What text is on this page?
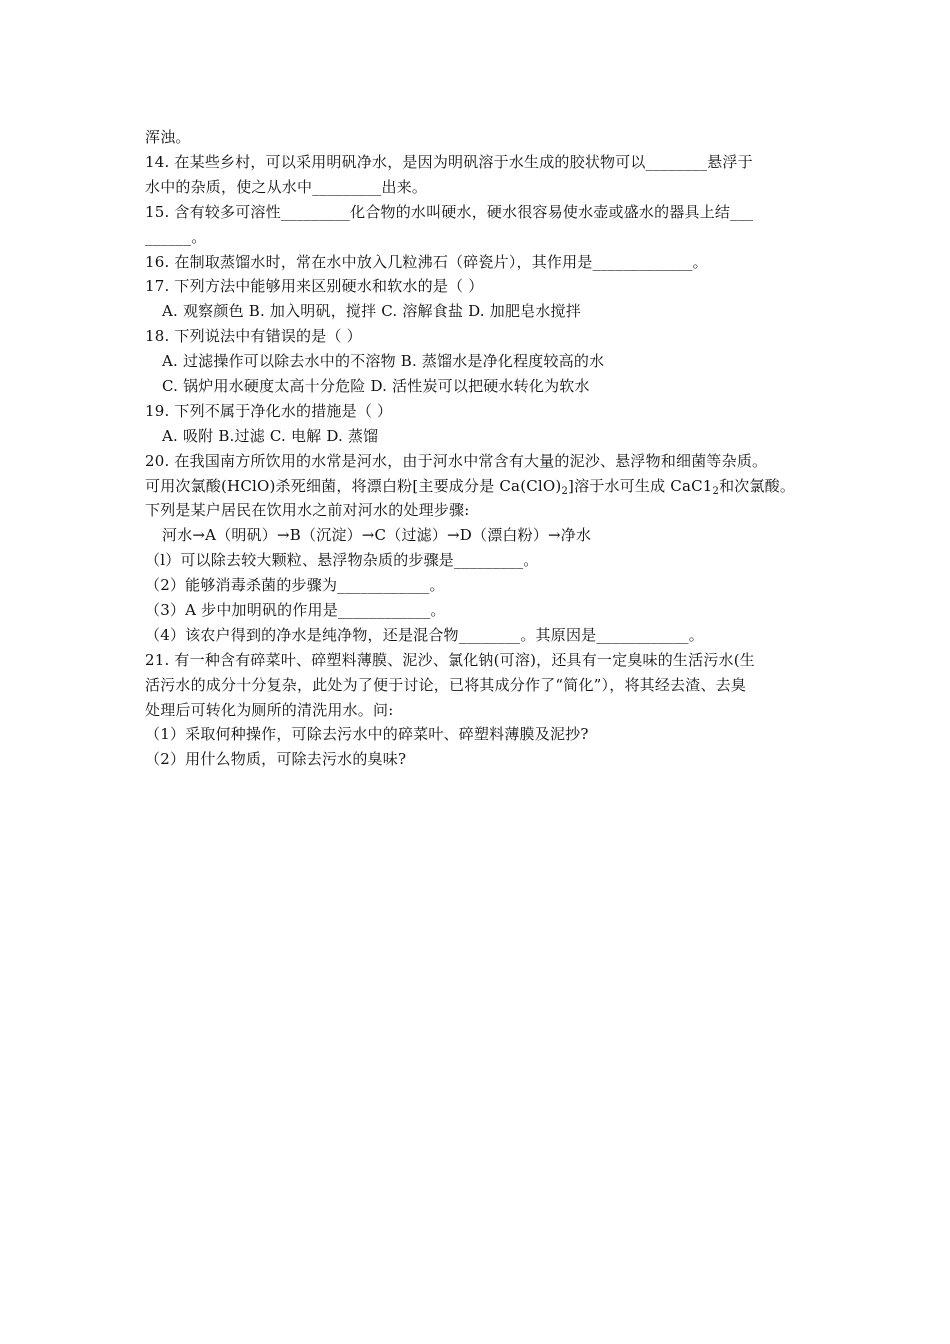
浑浊。
14. 在某些乡村，可以采用明矾净水，是因为明矾溶于水生成的胶状物可以________悬浮于
水中的杂质，使之从水中_________出来。
15. 含有较多可溶性_________化合物的水叫硬水，硬水很容易使水壶或盛水的器具上结___
______。
16. 在制取蒸馏水时，常在水中放入几粒沸石（碎瓷片），其作用是_____________。
17. 下列方法中能够用来区别硬水和软水的是（ ）
A. 观察颜色 B. 加入明矾，搅拌 C. 溶解食盐 D. 加肥皂水搅拌
18. 下列说法中有错误的是（ ）
A. 过滤操作可以除去水中的不溶物 B. 蒸馏水是净化程度较高的水
C. 锅炉用水硬度太高十分危险 D. 活性炭可以把硬水转化为软水
19. 下列不属于净化水的措施是（ ）
A. 吸附 B.过滤 C. 电解 D. 蒸馏
20. 在我国南方所饮用的水常是河水，由于河水中常含有大量的泥沙、悬浮物和细菌等杂质。
可用次氯酸(HClO)杀死细菌，将漂白粉[主要成分是 $Ca(ClO)_2$]溶于水可生成 $CaC1_2$和次氯酸。
下列是某户居民在饮用水之前对河水的处理步骤:
河水→A（明矾）→B（沉淀）→C（过滤）→D（漂白粉）→净水
（l）可以除去较大颗粒、悬浮物杂质的步骤是_________。
（2）能够消毒杀菌的步骤为____________。
（3）A 步中加明矾的作用是____________。
（4）该农户得到的净水是纯净物，还是混合物________。其原因是____________。
21. 有一种含有碎菜叶、碎塑料薄膜、泥沙、氯化钠(可溶)，还具有一定臭味的生活污水(生
活污水的成分十分复杂，此处为了便于讨论，已将其成分作了“简化”），将其经去渣、去臭
处理后可转化为厕所的清洗用水。问:
（1）采取何种操作，可除去污水中的碎菜叶、碎塑料薄膜及泥抄?
（2）用什么物质，可除去污水的臭味?
